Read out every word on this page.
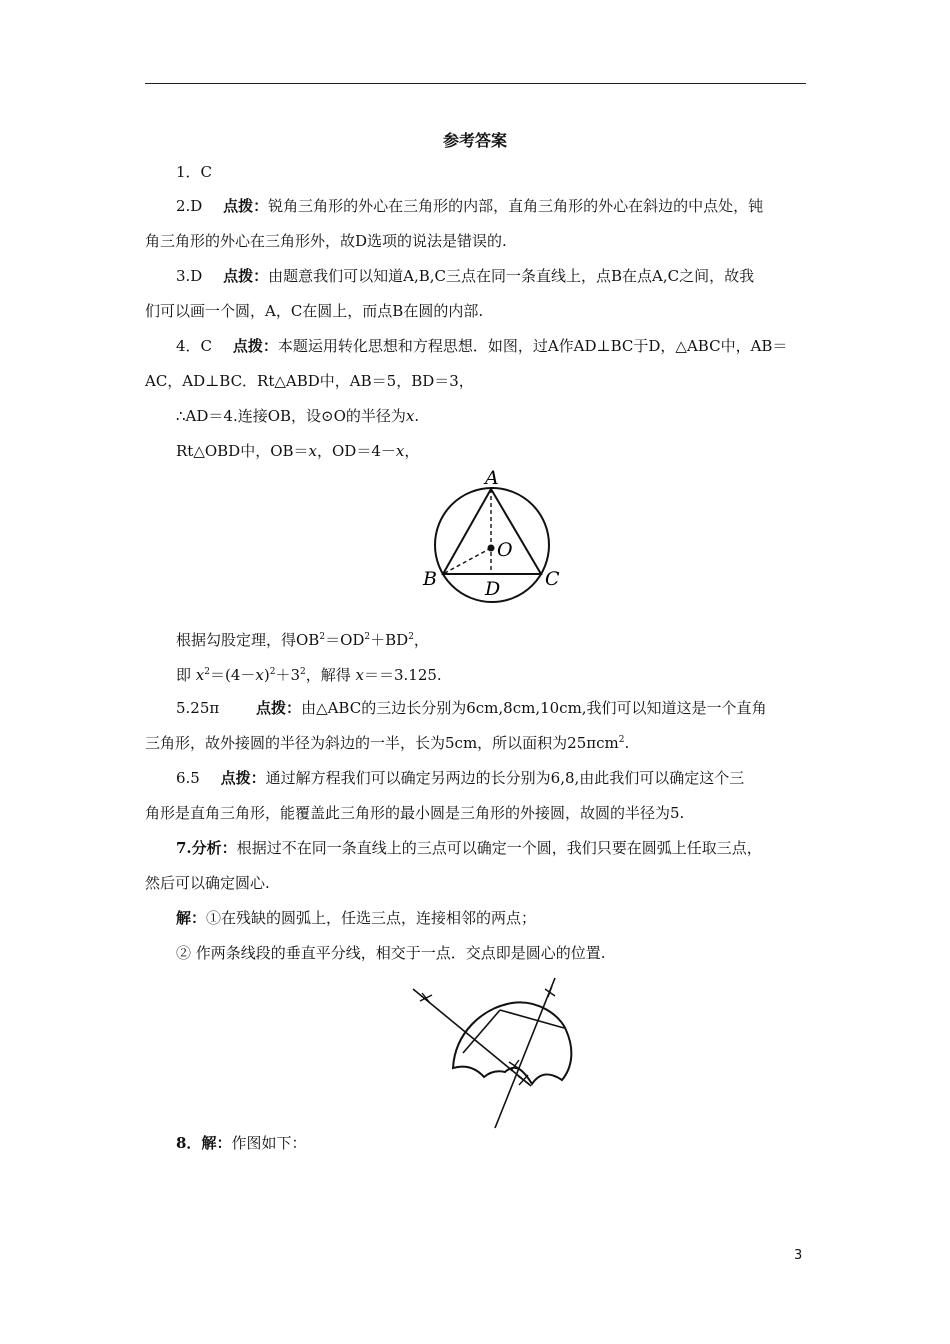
参考答案
1．C
2.D 点拨：锐角三角形的外心在三角形的内部，直角三角形的外心在斜边的中点处，钝
角三角形的外心在三角形外，故D选项的说法是错误的.
3.D 点拨：由题意我们可以知道A,B,C三点在同一条直线上，点B在点A,C之间，故我
们可以画一个圆，A，C在圆上，而点B在圆的内部.
4．C 点拨：本题运用转化思想和方程思想．如图，过A作AD⊥BC于D，△ABC中，AB＝
AC，AD⊥BC．Rt△ABD中，AB＝5，BD＝3，
∴AD＝4.连接OB，设⊙O的半径为x.
Rt△OBD中，OB＝x，OD＝4－x，
A
B	C
D
O
根据勾股定理，得$OB^2=OD^2+BD^2$，
即 $x^2=(4-x)^2+3^2$，解得 x＝＝3.125.
5.25π 点拨：由△ABC的三边长分别为6cm,8cm,10cm,我们可以知道这是一个直角
三角形，故外接圆的半径为斜边的一半，长为5cm，所以面积为25πcm$^2$.
6.5 点拨：通过解方程我们可以确定另两边的长分别为6,8,由此我们可以确定这个三
角形是直角三角形，能覆盖此三角形的最小圆是三角形的外接圆，故圆的半径为5.
7.分析：根据过不在同一条直线上的三点可以确定一个圆，我们只要在圆弧上任取三点，
然后可以确定圆心.
解：①在残缺的圆弧上，任选三点，连接相邻的两点；
② 作两条线段的垂直平分线，相交于一点．交点即是圆心的位置.
8．解：作图如下：
3
